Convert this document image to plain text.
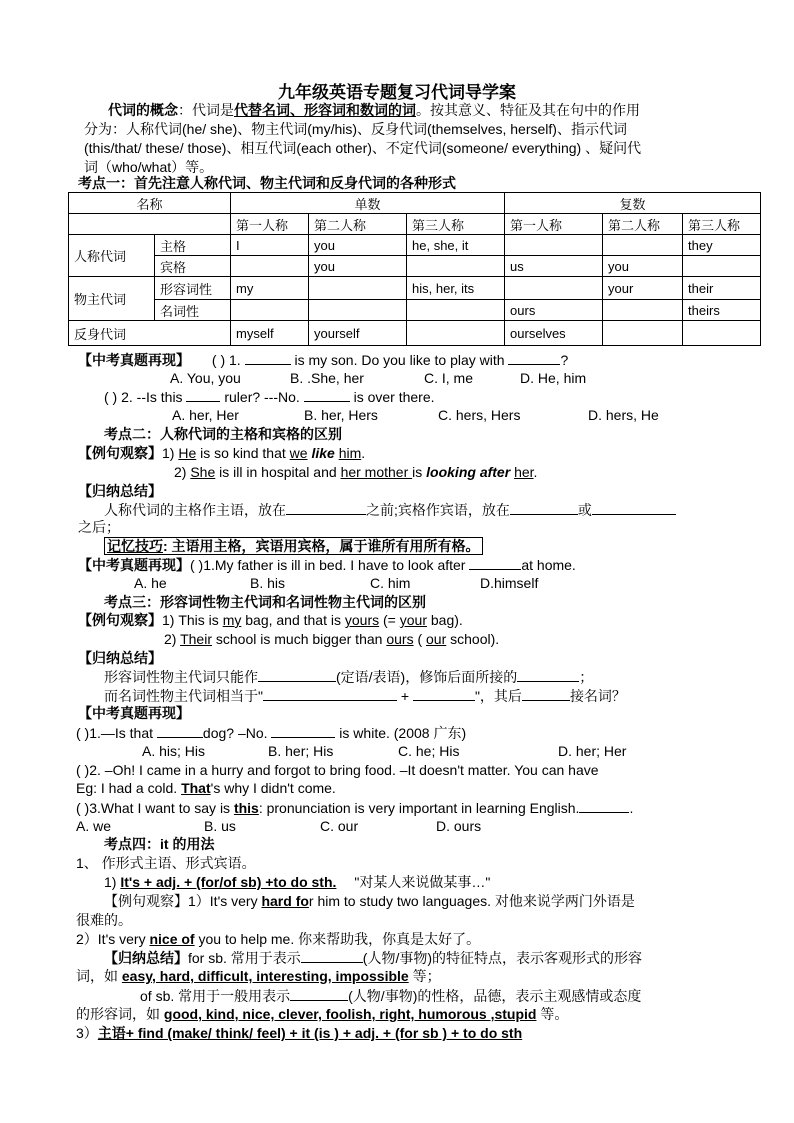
九年级英语专题复习代词导学案
代词的概念：代词是代替名词、形容词和数词的词。按其意义、特征及其在句中的作用
分为：人称代词(he/ she)、物主代词(my/his)、反身代词(themselves, herself)、指示代词
(this/that/ these/ those)、相互代词(each other)、不定代词(someone/ everything) 、疑问代
词（who/what）等。
考点一：首先注意人称代词、物主代词和反身代词的各种形式
名称		单数			复数		
		第一人称	第二人称	第三人称	第一人称	第二人称	第三人称
人称代词	主格	I	you	he, she, it			they
	宾格		you		us	you	
物主代词	形容词性	my		his, her, its		your	their
	名词性				ours		theirs
反身代词		myself	yourself		ourselves		
【中考真题再现】 ( ) 1.	is my son. Do you like to play with	?
A. You, you	B. .She, her	C. I, me	D. He, him
( ) 2. --Is this  ruler? ---No.	is over there.
A. her, Her	B. her, Hers	C. hers, Hers	D. hers, He
考点二：人称代词的主格和宾格的区别
【例句观察】1) He is so kind that we like him.
2) She is ill in hospital and her mother is looking after her.
【归纳总结】
人称代词的主格作主语，放在	之前;宾格作宾语，放在	或
之后；
记忆技巧: 主语用主格，宾语用宾格，属于谁所有用所有格。
【中考真题再现】( )1.My father is ill in bed. I have to look after	at home.
A. he	B. his	C. him	D.himself
考点三：形容词性物主代词和名词性物主代词的区别
【例句观察】1) This is my bag, and that is yours (= your bag).
2) Their school is much bigger than ours ( our school).
【归纳总结】
形容词性物主代词只能作	(定语/表语)，修饰后面所接的	；
而名词性物主代词相当于"	+	"，其后	接名词？
【中考真题再现】
( )1.—Is that	dog? –No.	is white. (2008 广东)
A. his; His	B. her; His	C. he; His	D. her; Her
( )2. –Oh! I came in a hurry and forgot to bring food. –It doesn't matter. You can have
Eg: I had a cold. That's why I didn't come.
( )3.What I want to say is this: pronunciation is very important in learning English.	.
A. we	B. us	C. our	D. ours
考点四：it 的用法
1、 作形式主语、形式宾语。
1) It's + adj. + (for/of sb) +to do sth. "对某人来说做某事…"
【例句观察】1）It's very hard for him to study two languages. 对他来说学两门外语是
很难的。
2）It's very nice of you to help me. 你来帮助我，你真是太好了。
【归纳总结】for sb. 常用于表示	(人物/事物)的特征特点，表示客观形式的形容
词，如 easy, hard, difficult, interesting, impossible 等；
of sb. 常用于一般用表示	(人物/事物)的性格，品德，表示主观感情或态度
的形容词，如 good, kind, nice, clever, foolish, right, humorous ,stupid 等。
3）主语+ find (make/ think/ feel) + it (is ) + adj. + (for sb ) + to do sth
